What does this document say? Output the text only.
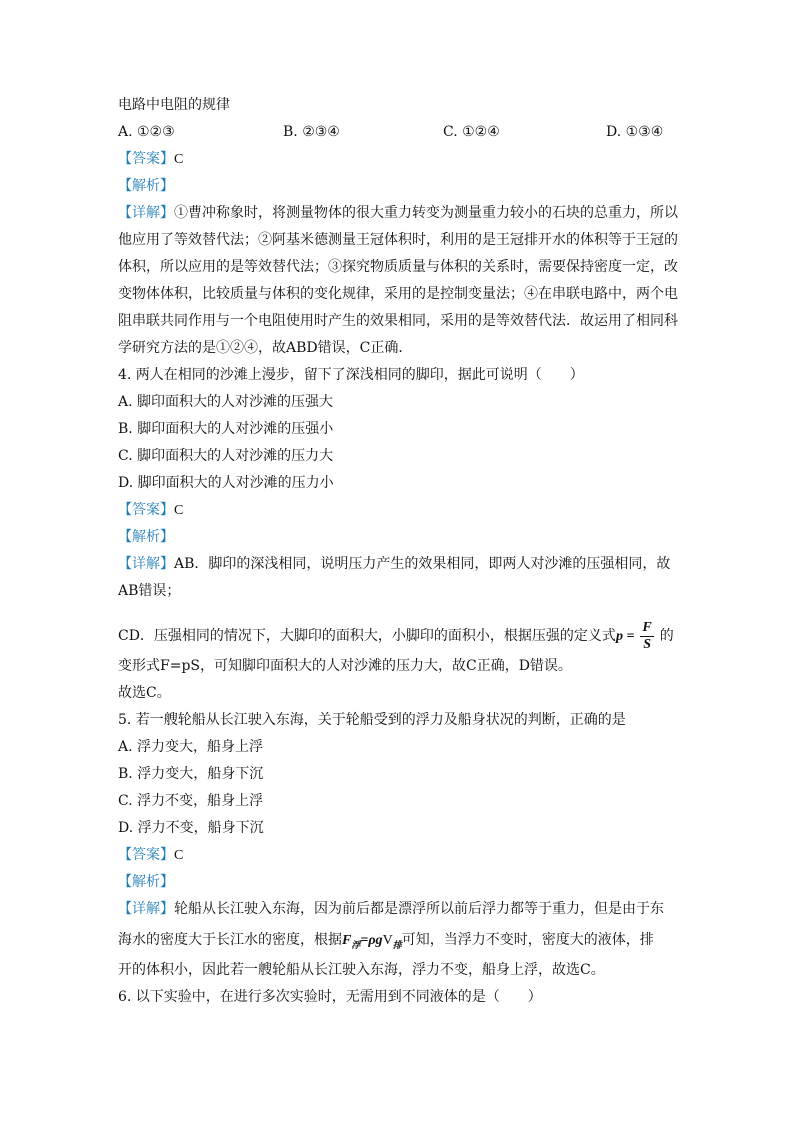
电路中电阻的规律
A. ①②③	B. ②③④	C. ①②④	D. ①③④
【答案】C
【解析】
【详解】①曹冲称象时，将测量物体的很大重力转变为测量重力较小的石块的总重力，所以他应用了等效替代法；②阿基米德测量王冠体积时，利用的是王冠排开水的体积等于王冠的体积，所以应用的是等效替代法；③探究物质质量与体积的关系时，需要保持密度一定，改变物体体积，比较质量与体积的变化规律，采用的是控制变量法；④在串联电路中，两个电阻串联共同作用与一个电阻使用时产生的效果相同，采用的是等效替代法．故运用了相同科学研究方法的是①②④，故ABD错误，C正确．
4. 两人在相同的沙滩上漫步，留下了深浅相同的脚印，据此可说明（　　）
A. 脚印面积大的人对沙滩的压强大
B. 脚印面积大的人对沙滩的压强小
C. 脚印面积大的人对沙滩的压力大
D. 脚印面积大的人对沙滩的压力小
【答案】C
【解析】
【详解】AB．脚印的深浅相同，说明压力产生的效果相同，即两人对沙滩的压强相同，故AB错误；
CD．压强相同的情况下，大脚印的面积大，小脚印的面积小，根据压强的定义式$p = \frac{F}{S}$ 的
变形式F=pS，可知脚印面积大的人对沙滩的压力大，故C正确，D错误。
故选C。
5. 若一艘轮船从长江驶入东海，关于轮船受到的浮力及船身状况的判断，正确的是
A. 浮力变大，船身上浮
B. 浮力变大，船身下沉
C. 浮力不变，船身上浮
D. 浮力不变，船身下沉
【答案】C
【解析】
【详解】轮船从长江驶入东海，因为前后都是漂浮所以前后浮力都等于重力，但是由于东
海水的密度大于长江水的密度，根据$F_浮=\rho gV_排$可知，当浮力不变时，密度大的液体，排
开的体积小，因此若一艘轮船从长江驶入东海，浮力不变，船身上浮，故选C。
6. 以下实验中，在进行多次实验时，无需用到不同液体的是（　　）
